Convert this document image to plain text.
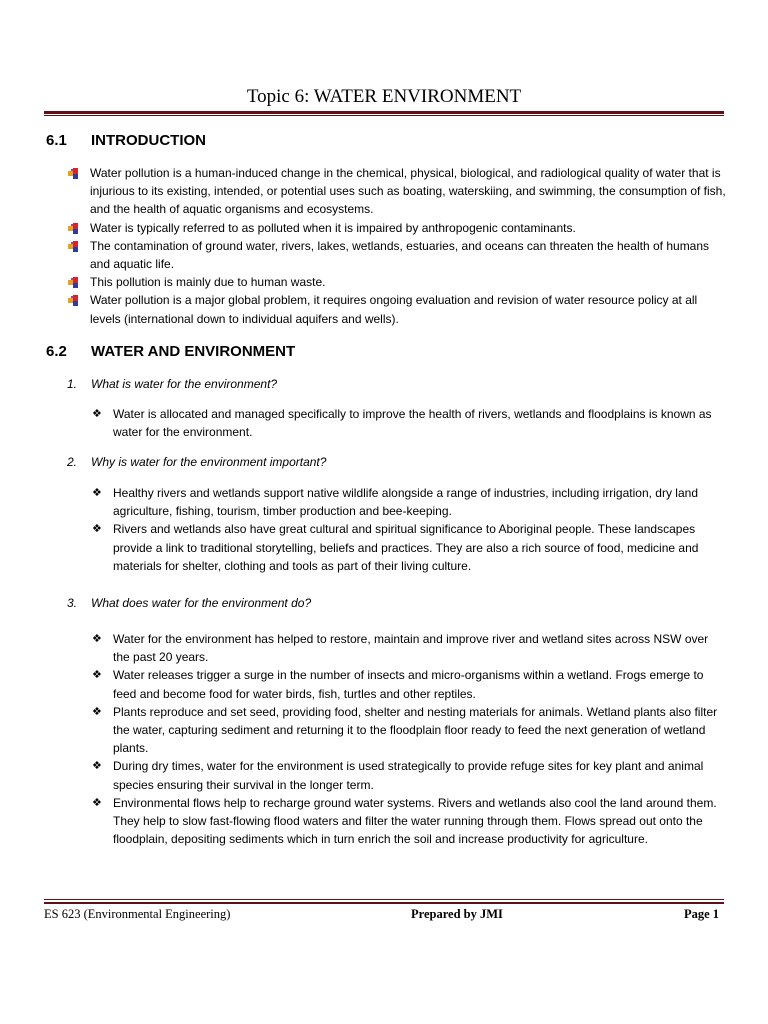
Topic 6: WATER ENVIRONMENT
6.1 INTRODUCTION
Water pollution is a human-induced change in the chemical, physical, biological, and radiological quality of water that is injurious to its existing, intended, or potential uses such as boating, waterskiing, and swimming, the consumption of fish, and the health of aquatic organisms and ecosystems.
Water is typically referred to as polluted when it is impaired by anthropogenic contaminants.
The contamination of ground water, rivers, lakes, wetlands, estuaries, and oceans can threaten the health of humans and aquatic life.
This pollution is mainly due to human waste.
Water pollution is a major global problem, it requires ongoing evaluation and revision of water resource policy at all levels (international down to individual aquifers and wells).
6.2 WATER AND ENVIRONMENT
1. What is water for the environment?
❖ Water is allocated and managed specifically to improve the health of rivers, wetlands and floodplains is known as water for the environment.
2. Why is water for the environment important?
❖ Healthy rivers and wetlands support native wildlife alongside a range of industries, including irrigation, dry land agriculture, fishing, tourism, timber production and bee-keeping.
❖ Rivers and wetlands also have great cultural and spiritual significance to Aboriginal people. These landscapes provide a link to traditional storytelling, beliefs and practices. They are also a rich source of food, medicine and materials for shelter, clothing and tools as part of their living culture.
3. What does water for the environment do?
❖ Water for the environment has helped to restore, maintain and improve river and wetland sites across NSW over the past 20 years.
❖ Water releases trigger a surge in the number of insects and micro-organisms within a wetland. Frogs emerge to feed and become food for water birds, fish, turtles and other reptiles.
❖ Plants reproduce and set seed, providing food, shelter and nesting materials for animals. Wetland plants also filter the water, capturing sediment and returning it to the floodplain floor ready to feed the next generation of wetland plants.
❖ During dry times, water for the environment is used strategically to provide refuge sites for key plant and animal species ensuring their survival in the longer term.
❖ Environmental flows help to recharge ground water systems. Rivers and wetlands also cool the land around them. They help to slow fast-flowing flood waters and filter the water running through them. Flows spread out onto the floodplain, depositing sediments which in turn enrich the soil and increase productivity for agriculture.
ES 623 (Environmental Engineering)	Prepared by JMI	Page 1
